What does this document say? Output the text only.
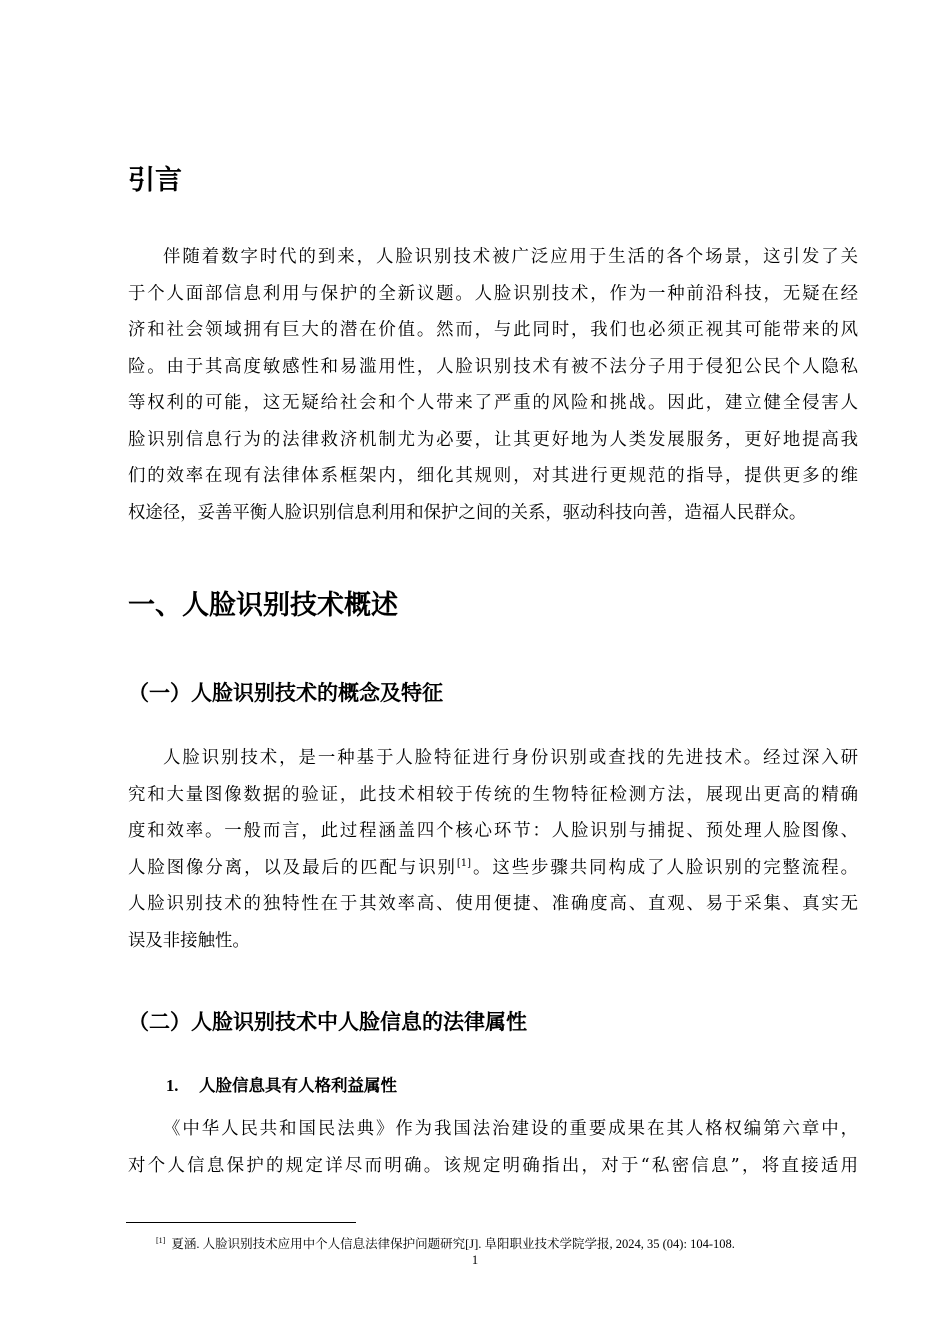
引言
伴随着数字时代的到来，人脸识别技术被广泛应用于生活的各个场景，这引发了关
于个人面部信息利用与保护的全新议题。人脸识别技术，作为一种前沿科技，无疑在经
济和社会领域拥有巨大的潜在价值。然而，与此同时，我们也必须正视其可能带来的风
险。由于其高度敏感性和易滥用性，人脸识别技术有被不法分子用于侵犯公民个人隐私
等权利的可能，这无疑给社会和个人带来了严重的风险和挑战。因此，建立健全侵害人
脸识别信息行为的法律救济机制尤为必要，让其更好地为人类发展服务，更好地提高我
们的效率在现有法律体系框架内，细化其规则，对其进行更规范的指导，提供更多的维
权途径，妥善平衡人脸识别信息利用和保护之间的关系，驱动科技向善，造福人民群众。
一、人脸识别技术概述
（一）人脸识别技术的概念及特征
人脸识别技术，是一种基于人脸特征进行身份识别或查找的先进技术。经过深入研
究和大量图像数据的验证，此技术相较于传统的生物特征检测方法，展现出更高的精确
度和效率。一般而言，此过程涵盖四个核心环节：人脸识别与捕捉、预处理人脸图像、
人脸图像分离，以及最后的匹配与识别[1]。这些步骤共同构成了人脸识别的完整流程。
人脸识别技术的独特性在于其效率高、使用便捷、准确度高、直观、易于采集、真实无
误及非接触性。
（二）人脸识别技术中人脸信息的法律属性
1. 人脸信息具有人格利益属性
《中华人民共和国民法典》作为我国法治建设的重要成果在其人格权编第六章中，
对个人信息保护的规定详尽而明确。该规定明确指出，对于“私密信息”，将直接适用
[1] 夏涵. 人脸识别技术应用中个人信息法律保护问题研究[J]. 阜阳职业技术学院学报, 2024, 35 (04): 104-108.
1
